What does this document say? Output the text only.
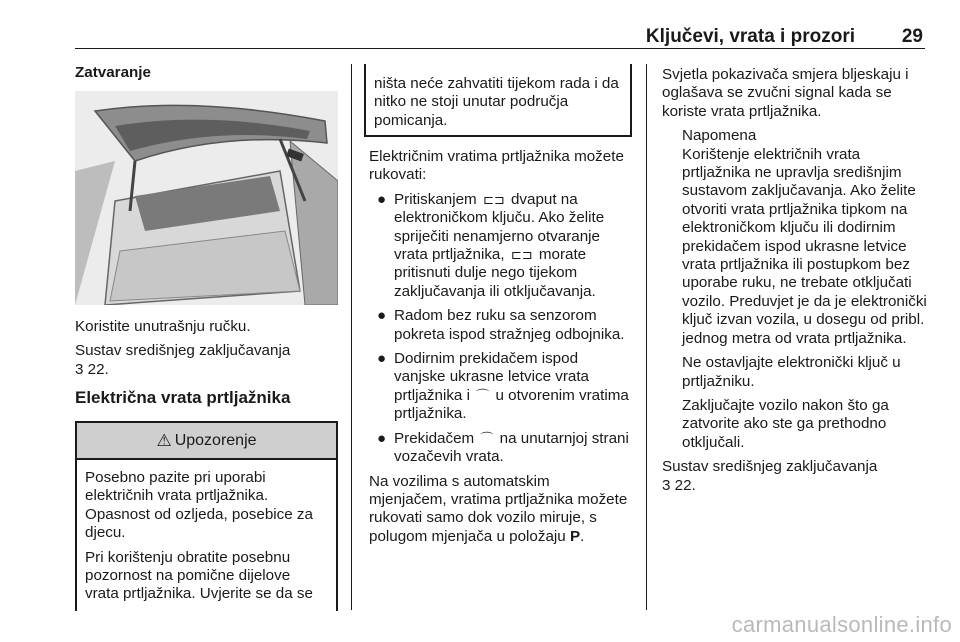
Ključevi, vrata i prozori 29
Zatvaranje

Koristite unutrašnju ručku.

Sustav središnjeg zaključavanja
3 22.

Električna vrata prtljažnika
⚠ Upozorenje

Posebno pazite pri uporabi električnih vrata prtljažnika. Opasnost od ozljeda, posebice za djecu.

Pri korištenju obratite posebnu pozornost na pomične dijelove vrata prtljažnika. Uvjerite se da se

ništa neće zahvatiti tijekom rada i da nitko ne stoji unutar područja pomicanja.

Električnim vratima prtljažnika možete rukovati:

● Pritiskanjem ⊏⊐ dvaput na elektroničkom ključu. Ako želite spriječiti nenamjerno otvaranje vrata prtljažnika, ⊏⊐ morate pritisnuti dulje nego tijekom zaključavanja ili otključavanja.
● Radom bez ruku sa senzorom pokreta ispod stražnjeg odbojnika.
● Dodirnim prekidačem ispod vanjske ukrasne letvice vrata prtljažnika i ⌒ u otvorenim vratima prtljažnika.
● Prekidačem ⌒ na unutarnjoj strani vozačevih vrata.

Na vozilima s automatskim mjenjačem, vratima prtljažnika možete rukovati samo dok vozilo miruje, s polugom mjenjača u položaju P.

Svjetla pokazivača smjera bljeskaju i oglašava se zvučni signal kada se koriste vrata prtljažnika.

Napomena

Korištenje električnih vrata prtljažnika ne upravlja središnjim sustavom zaključavanja. Ako želite otvoriti vrata prtljažnika tipkom na elektroničkom ključu ili dodirnim prekidačem ispod ukrasne letvice vrata prtljažnika ili postupkom bez uporabe ruku, ne trebate otključati vozilo. Preduvjet je da je elektronički ključ izvan vozila, u dosegu od pribl. jednog metra od vrata prtljažnika.

Ne ostavljajte elektronički ključ u prtljažniku.

Zaključajte vozilo nakon što ga zatvorite ako ste ga prethodno otključali.

Sustav središnjeg zaključavanja
3 22.

carmanualsonline.info
